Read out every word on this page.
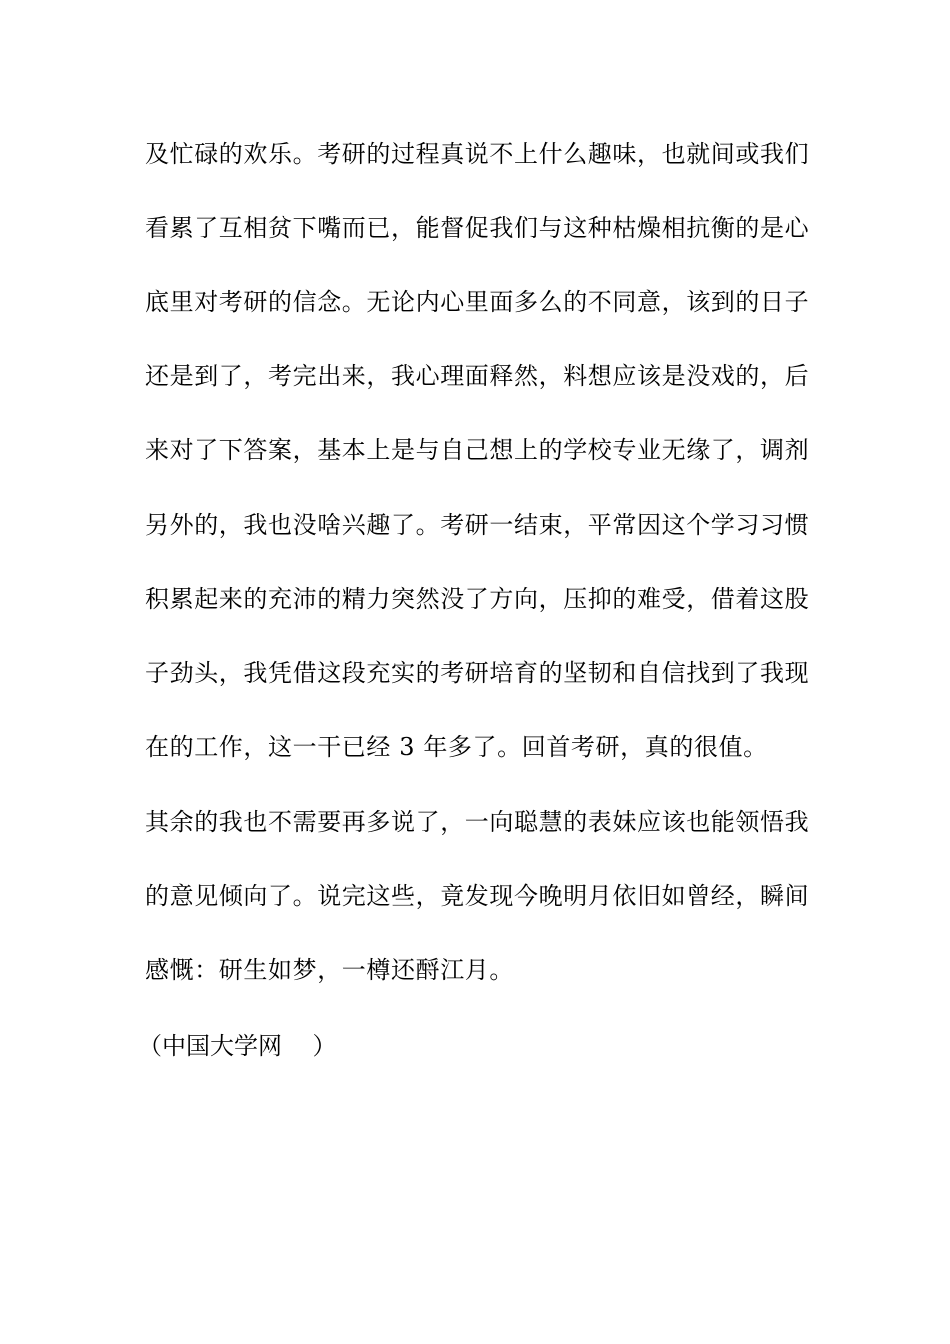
及忙碌的欢乐。考研的过程真说不上什么趣味，也就间或我们
看累了互相贫下嘴而已，能督促我们与这种枯燥相抗衡的是心
底里对考研的信念。无论内心里面多么的不同意，该到的日子
还是到了，考完出来，我心理面释然，料想应该是没戏的，后
来对了下答案，基本上是与自己想上的学校专业无缘了，调剂
另外的，我也没啥兴趣了。考研一结束，平常因这个学习习惯
积累起来的充沛的精力突然没了方向，压抑的难受，借着这股
子劲头，我凭借这段充实的考研培育的坚韧和自信找到了我现
在的工作，这一干已经 3 年多了。回首考研，真的很值。
其余的我也不需要再多说了，一向聪慧的表妹应该也能领悟我
的意见倾向了。说完这些，竟发现今晚明月依旧如曾经，瞬间
感慨：研生如梦，一樽还酹江月。
（中国大学网    ）
